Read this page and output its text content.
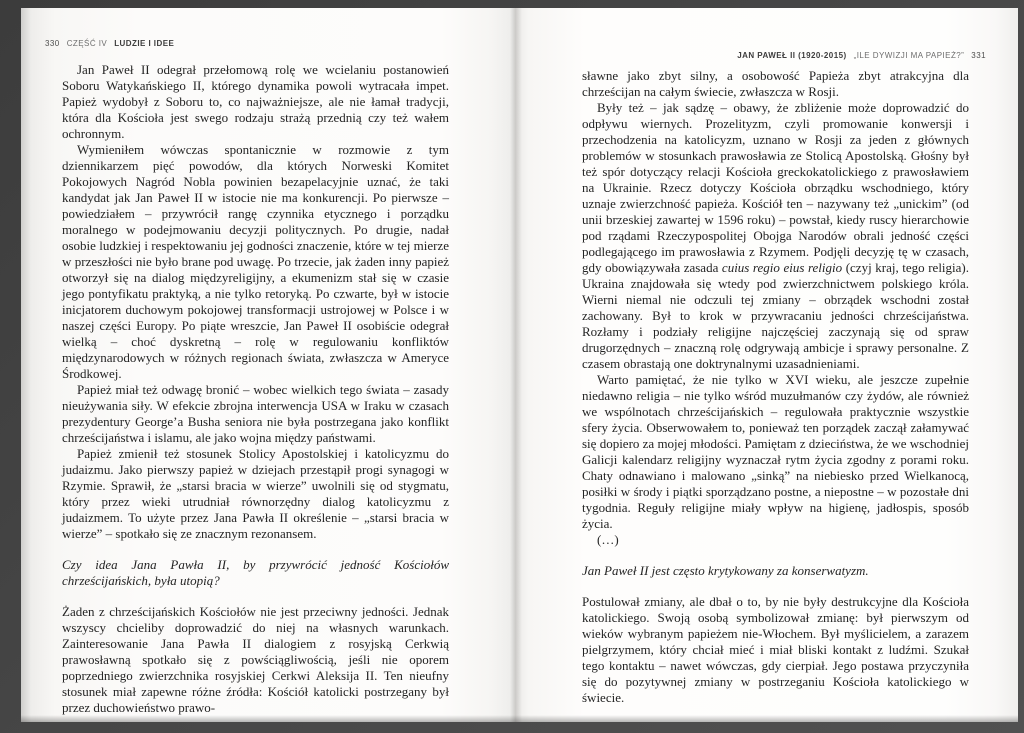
330 CZĘŚĆ IV LUDZIE I IDEE

Jan Paweł II odegrał przełomową rolę we wcielaniu postanowień Soboru Watykańskiego II, którego dynamika powoli wytracała impet. Papież wydobył z Soboru to, co najważniejsze, ale nie łamał tradycji, która dla Kościoła jest swego rodzaju strażą przednią czy też wałem ochronnym.

Wymieniłem wówczas spontanicznie w rozmowie z tym dziennikarzem pięć powodów, dla których Norweski Komitet Pokojowych Nagród Nobla powinien bezapelacyjnie uznać, że taki kandydat jak Jan Paweł II w istocie nie ma konkurencji. Po pierwsze – powiedziałem – przywrócił rangę czynnika etycznego i porządku moralnego w podejmowaniu decyzji politycznych. Po drugie, nadał osobie ludzkiej i respektowaniu jej godności znaczenie, które w tej mierze w przeszłości nie było brane pod uwagę. Po trzecie, jak żaden inny papież otworzył się na dialog międzyreligijny, a ekumenizm stał się w czasie jego pontyfikatu praktyką, a nie tylko retoryką. Po czwarte, był w istocie inicjatorem duchowym pokojowej transformacji ustrojowej w Polsce i w naszej części Europy. Po piąte wreszcie, Jan Paweł II osobiście odegrał wielką – choć dyskretną – rolę w regulowaniu konfliktów międzynarodowych w różnych regionach świata, zwłaszcza w Ameryce Środkowej.

Papież miał też odwagę bronić – wobec wielkich tego świata – zasady nieużywania siły. W efekcie zbrojna interwencja USA w Iraku w czasach prezydentury George’a Busha seniora nie była postrzegana jako konflikt chrześcijaństwa i islamu, ale jako wojna między państwami.

Papież zmienił też stosunek Stolicy Apostolskiej i katolicyzmu do judaizmu. Jako pierwszy papież w dziejach przestąpił progi synagogi w Rzymie. Sprawił, że „starsi bracia w wierze” uwolnili się od stygmatu, który przez wieki utrudniał równorzędny dialog katolicyzmu z judaizmem. To użyte przez Jana Pawła II określenie – „starsi bracia w wierze” – spotkało się ze znacznym rezonansem.

Czy idea Jana Pawła II, by przywrócić jedność Kościołów chrześcijańskich, była utopią?

Żaden z chrześcijańskich Kościołów nie jest przeciwny jedności. Jednak wszyscy chcieliby doprowadzić do niej na własnych warunkach. Zainteresowanie Jana Pawła II dialogiem z rosyjską Cerkwią prawosławną spotkało się z powściągliwością, jeśli nie oporem poprzedniego zwierzchnika rosyjskiej Cerkwi Aleksija II. Ten nieufny stosunek miał zapewne różne źródła: Kościół katolicki postrzegany był przez duchowieństwo prawo-

JAN PAWEŁ II (1920-2015) „ILE DYWIZJI MA PAPIEŻ?” 331

sławne jako zbyt silny, a osobowość Papieża zbyt atrakcyjna dla chrześcijan na całym świecie, zwłaszcza w Rosji.

Były też – jak sądzę – obawy, że zbliżenie może doprowadzić do odpływu wiernych. Prozelityzm, czyli promowanie konwersji i przechodzenia na katolicyzm, uznano w Rosji za jeden z głównych problemów w stosunkach prawosławia ze Stolicą Apostolską. Głośny był też spór dotyczący relacji Kościoła greckokatolickiego z prawosławiem na Ukrainie. Rzecz dotyczy Kościoła obrządku wschodniego, który uznaje zwierzchność papieża. Kościół ten – nazywany też „unickim” (od unii brzeskiej zawartej w 1596 roku) – powstał, kiedy ruscy hierarchowie pod rządami Rzeczypospolitej Obojga Narodów obrali jedność części podlegającego im prawosławia z Rzymem. Podjęli decyzję tę w czasach, gdy obowiązywała zasada cuius regio eius religio (czyj kraj, tego religia). Ukraina znajdowała się wtedy pod zwierzchnictwem polskiego króla. Wierni niemal nie odczuli tej zmiany – obrządek wschodni został zachowany. Był to krok w przywracaniu jedności chrześcijaństwa. Rozłamy i podziały religijne najczęściej zaczynają się od spraw drugorzędnych – znaczną rolę odgrywają ambicje i sprawy personalne. Z czasem obrastają one doktrynalnymi uzasadnieniami.

Warto pamiętać, że nie tylko w XVI wieku, ale jeszcze zupełnie niedawno religia – nie tylko wśród muzułmanów czy żydów, ale również we wspólnotach chrześcijańskich – regulowała praktycznie wszystkie sfery życia. Obserwowałem to, ponieważ ten porządek zaczął załamywać się dopiero za mojej młodości. Pamiętam z dzieciństwa, że we wschodniej Galicji kalendarz religijny wyznaczał rytm życia zgodny z porami roku. Chaty odnawiano i malowano „sinką” na niebiesko przed Wielkanocą, posiłki w środy i piątki sporządzano postne, a niepostne – w pozostałe dni tygodnia. Reguły religijne miały wpływ na higienę, jadłospis, sposób życia.

(…)

Jan Paweł II jest często krytykowany za konserwatyzm.

Postulował zmiany, ale dbał o to, by nie były destrukcyjne dla Kościoła katolickiego. Swoją osobą symbolizował zmianę: był pierwszym od wieków wybranym papieżem nie-Włochem. Był myślicielem, a zarazem pielgrzymem, który chciał mieć i miał bliski kontakt z ludźmi. Szukał tego kontaktu – nawet wówczas, gdy cierpiał. Jego postawa przyczyniła się do pozytywnej zmiany w postrzeganiu Kościoła katolickiego w świecie.
